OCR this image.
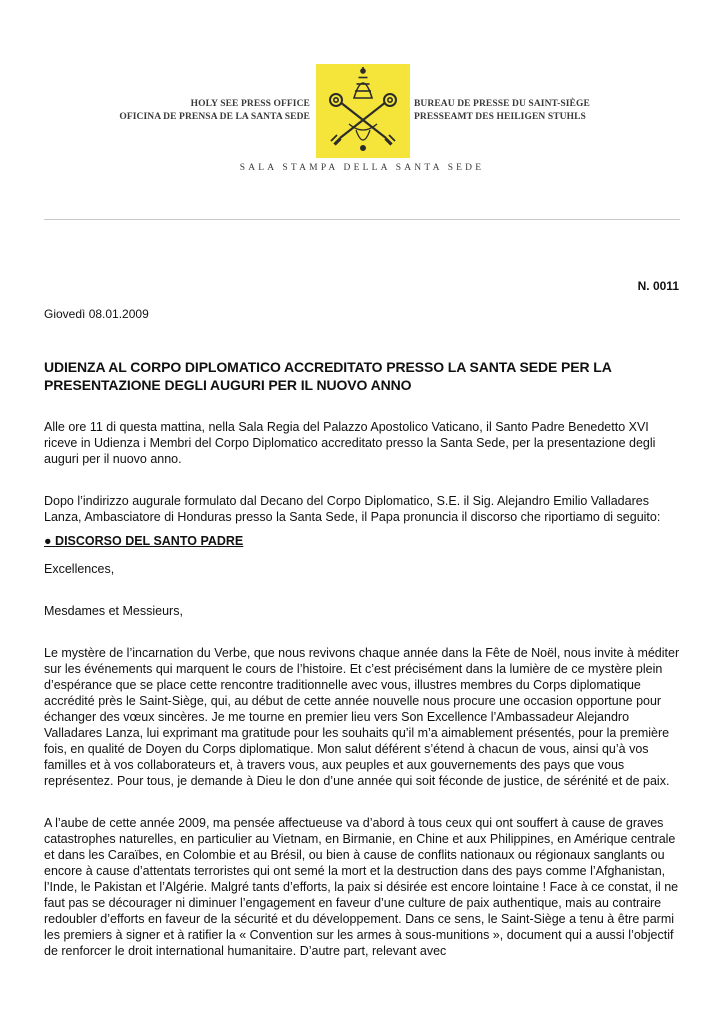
HOLY SEE PRESS OFFICE
OFICINA DE PRENSA DE LA SANTA SEDE
BUREAU DE PRESSE DU SAINT-SIÈGE
PRESSEAMT DES HEILIGEN STUHLS
SALA STAMPA DELLA SANTA SEDE
N. 0011
Giovedì 08.01.2009
UDIENZA AL CORPO DIPLOMATICO ACCREDITATO PRESSO LA SANTA SEDE PER LA PRESENTAZIONE DEGLI AUGURI PER IL NUOVO ANNO

Alle ore 11 di questa mattina, nella Sala Regia del Palazzo Apostolico Vaticano, il Santo Padre Benedetto XVI riceve in Udienza i Membri del Corpo Diplomatico accreditato presso la Santa Sede, per la presentazione degli auguri per il nuovo anno.

Dopo l’indirizzo augurale formulato dal Decano del Corpo Diplomatico, S.E. il Sig. Alejandro Emilio Valladares Lanza, Ambasciatore di Honduras presso la Santa Sede, il Papa pronuncia il discorso che riportiamo di seguito:

● DISCORSO DEL SANTO PADRE

Excellences,

Mesdames et Messieurs,

Le mystère de l’incarnation du Verbe, que nous revivons chaque année dans la Fête de Noël, nous invite à méditer sur les événements qui marquent le cours de l’histoire. Et c’est précisément dans la lumière de ce mystère plein d’espérance que se place cette rencontre traditionnelle avec vous, illustres membres du Corps diplomatique accrédité près le Saint-Siège, qui, au début de cette année nouvelle nous procure une occasion opportune pour échanger des vœux sincères. Je me tourne en premier lieu vers Son Excellence l’Ambassadeur Alejandro Valladares Lanza, lui exprimant ma gratitude pour les souhaits qu’il m’a aimablement présentés, pour la première fois, en qualité de Doyen du Corps diplomatique. Mon salut déférent s’étend à chacun de vous, ainsi qu’à vos familles et à vos collaborateurs et, à travers vous, aux peuples et aux gouvernements des pays que vous représentez. Pour tous, je demande à Dieu le don d’une année qui soit féconde de justice, de sérénité et de paix.

A l’aube de cette année 2009, ma pensée affectueuse va d’abord à tous ceux qui ont souffert à cause de graves catastrophes naturelles, en particulier au Vietnam, en Birmanie, en Chine et aux Philippines, en Amérique centrale et dans les Caraïbes, en Colombie et au Brésil, ou bien à cause de conflits nationaux ou régionaux sanglants ou encore à cause d’attentats terroristes qui ont semé la mort et la destruction dans des pays comme l’Afghanistan, l’Inde, le Pakistan et l’Algérie. Malgré tants d’efforts, la paix si désirée est encore lointaine ! Face à ce constat, il ne faut pas se décourager ni diminuer l’engagement en faveur d’une culture de paix authentique, mais au contraire redoubler d’efforts en faveur de la sécurité et du développement. Dans ce sens, le Saint-Siège a tenu à être parmi les premiers à signer et à ratifier la « Convention sur les armes à sous-munitions », document qui a aussi l’objectif de renforcer le droit international humanitaire. D’autre part, relevant avec
